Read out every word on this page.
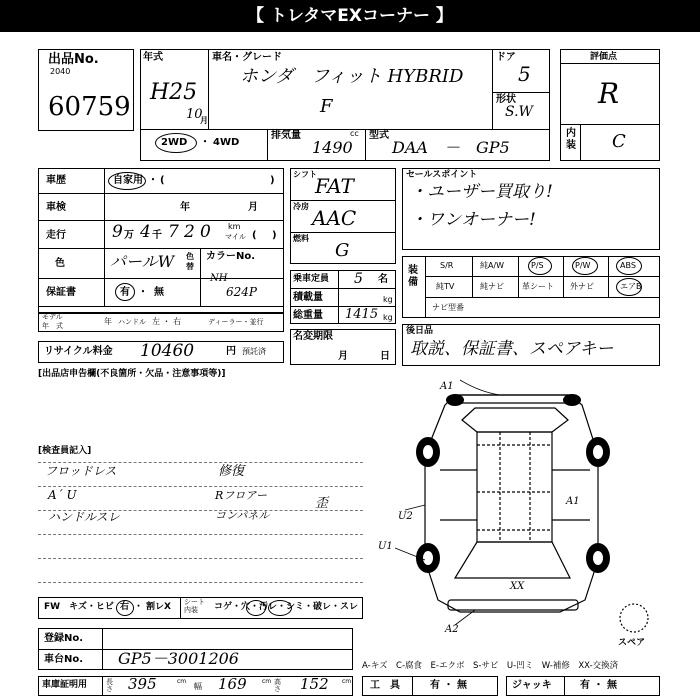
【 トレタマEXコーナー 】
出品No.
2040
60759
年式
H25
10
月
車名・グレード
ホンダ　フィット HYBRID
F
ドア
5
形状
S.W
2WD ・ 4WD
排気量	cc
1490
型式
DAA　－　GP5
評価点
R
内装 C
車歴	自家用 ・ (	)
車検	年	月
走行	9 万 4 千 7 2 0 km
マイル ( )
色	パールW 色替
カラーNo.
NH
624P
保証書	有 ・ 無
モデル
年　式	年 ハンドル 左 ・ 右	ディーラー・並行
リサイクル料金 10460	円 預託済
シフト
FAT
冷房 AAC
燃料
G
乗車定員 5 名
積載量	kg
総重量 1415 kg
名変期限
月	日
セールスポイント
・ユーザー買取り!
・ワンオーナー!
装備
S/R	純A/W	P/S	P/W	ABS
純TV	純ナビ 革シート 外ナビ	エアB
ナビ型番
後日品
取説、保証書、スペアキー
[出品店申告欄(不良箇所・欠品・注意事項等)]
[検査員記入]
フロッドレス
A´ U
ハンドルスレ
修復
Rフロアー
コンパネル
歪
FW　キズ・ヒビ 右 ・ 割レX シート内装	コゲ・穴・汚レ・シミ・破レ・スレ
登録No.
車台No. GP5－3001206
車庫証明用	長さ 395	cm
幅 169	cm 高さ 152 cm 工　具	有 ・ 無	ジャッキ	有 ・ 無
A-キズ　C-腐食　E-エクボ　S-サビ　U-凹ミ　W-補修　XX-交換済
A1
A1
U2
U1
XX
A2
スペア
